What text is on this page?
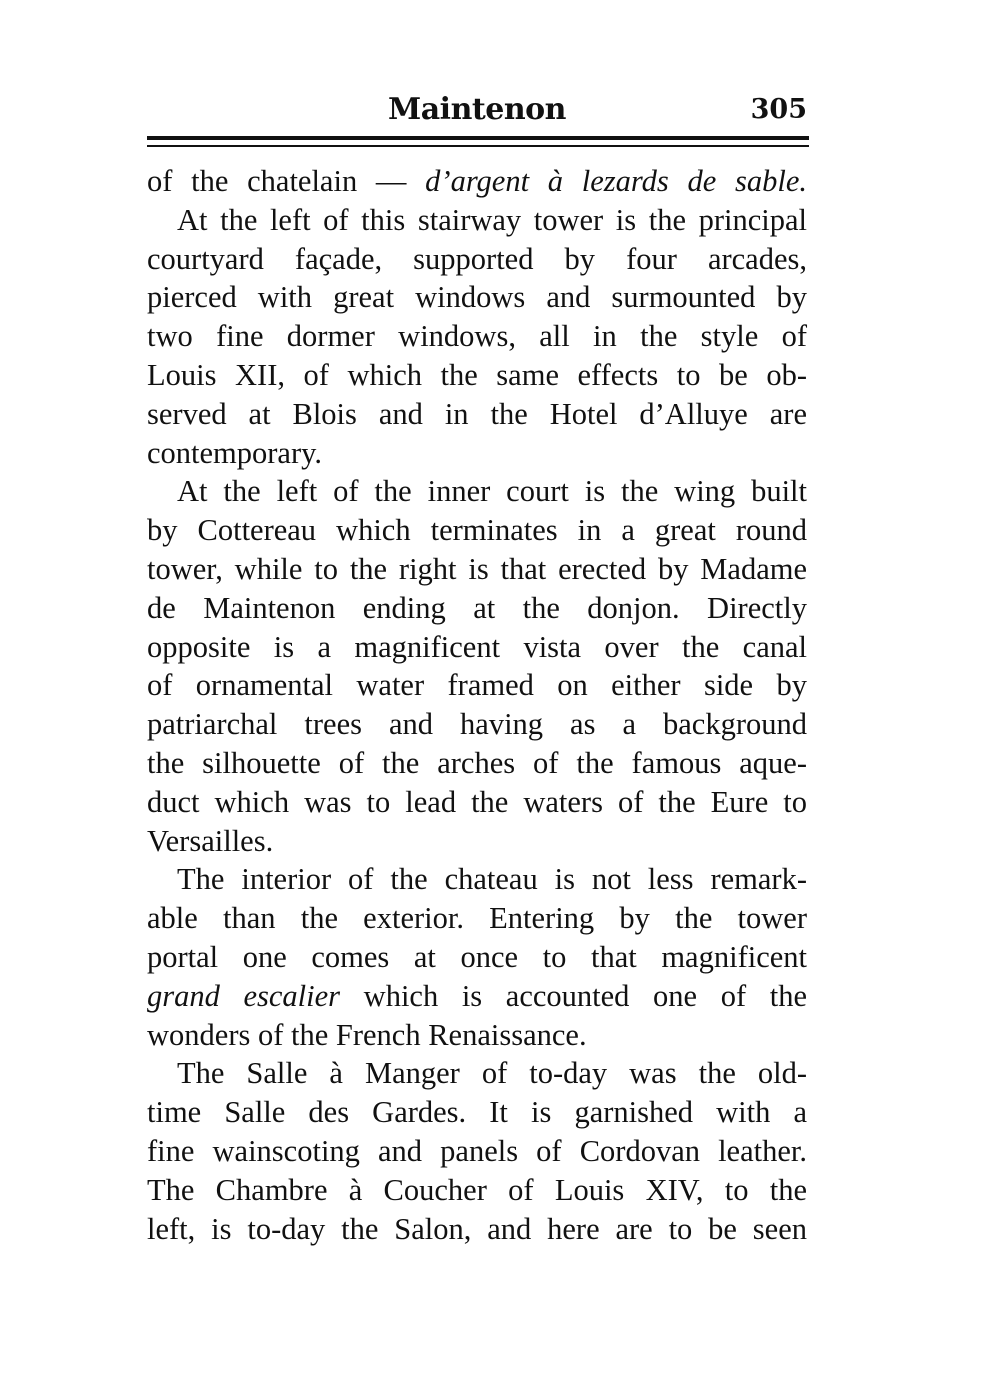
Maintenon	305
of the chatelain — d’argent à lezards de sable.
At the left of this stairway tower is the principal
courtyard façade, supported by four arcades,
pierced with great windows and surmounted by
two fine dormer windows, all in the style of
Louis XII, of which the same effects to be ob-
served at Blois and in the Hotel d’Alluye are
contemporary.
At the left of the inner court is the wing built
by Cottereau which terminates in a great round
tower, while to the right is that erected by Madame
de Maintenon ending at the donjon. Directly
opposite is a magnificent vista over the canal
of ornamental water framed on either side by
patriarchal trees and having as a background
the silhouette of the arches of the famous aque-
duct which was to lead the waters of the Eure to
Versailles.
The interior of the chateau is not less remark-
able than the exterior. Entering by the tower
portal one comes at once to that magnificent
grand escalier which is accounted one of the
wonders of the French Renaissance.
The Salle à Manger of to-day was the old-
time Salle des Gardes. It is garnished with a
fine wainscoting and panels of Cordovan leather.
The Chambre à Coucher of Louis XIV, to the
left, is to-day the Salon, and here are to be seen
